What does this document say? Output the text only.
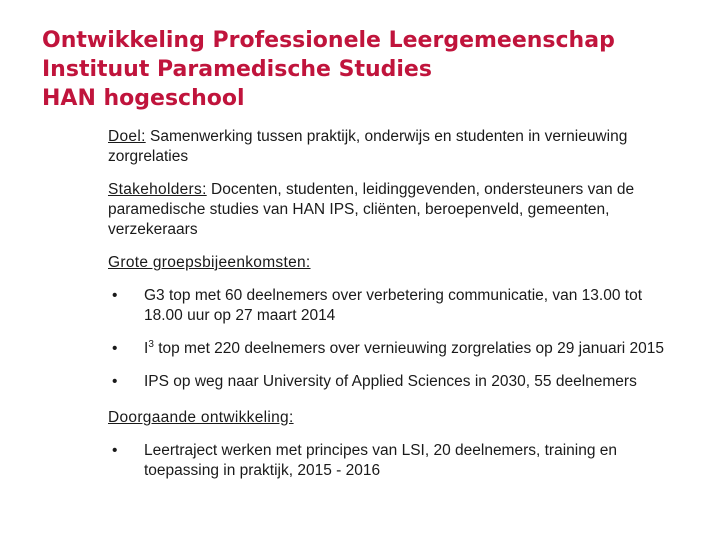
Ontwikkeling Professionele Leergemeenschap
Instituut Paramedische Studies
HAN hogeschool
Doel: Samenwerking tussen praktijk, onderwijs en studenten in vernieuwing zorgrelaties
Stakeholders: Docenten, studenten, leidinggevenden, ondersteuners van de paramedische studies van HAN IPS, cliënten, beroepenveld, gemeenten, verzekeraars
Grote groepsbijeenkomsten:
• G3 top met 60 deelnemers over verbetering communicatie, van 13.00 tot 18.00 uur op 27 maart 2014
• $I^3$ top met 220 deelnemers over vernieuwing zorgrelaties op 29 januari 2015
• IPS op weg naar University of Applied Sciences in 2030, 55 deelnemers
Doorgaande ontwikkeling:
• Leertraject werken met principes van LSI, 20 deelnemers, training en toepassing in praktijk, 2015 - 2016
